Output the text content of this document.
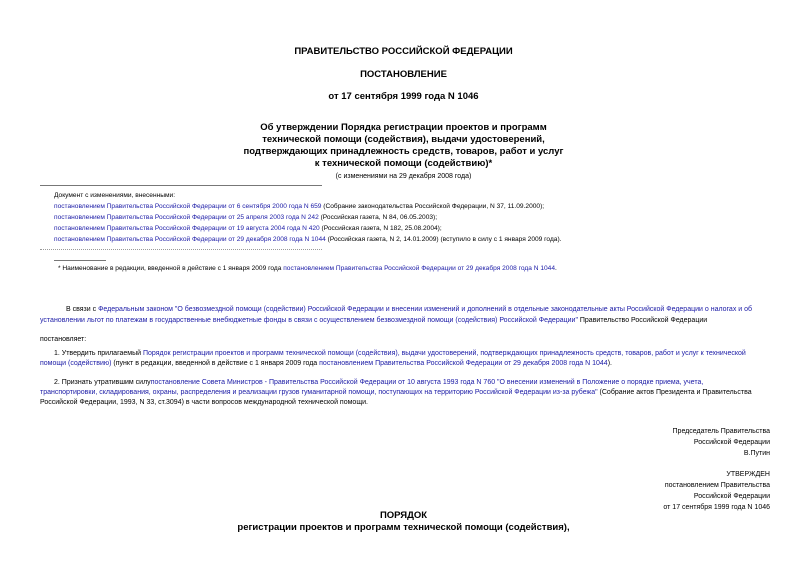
ПРАВИТЕЛЬСТВО РОССИЙСКОЙ ФЕДЕРАЦИИ
ПОСТАНОВЛЕНИЕ
от 17 сентября 1999 года N 1046
Об утверждении Порядка регистрации проектов и программ
технической помощи (содействия), выдачи удостоверений,
подтверждающих принадлежность средств, товаров, работ и услуг
к технической помощи (содействию)*
(с изменениями на 29 декабря 2008 года)
Документ с изменениями, внесенными:
постановлением Правительства Российской Федерации от 6 сентября 2000 года N 659 (Собрание законодательства Российской Федерации, N 37, 11.09.2000);
постановлением Правительства Российской Федерации от 25 апреля 2003 года N 242 (Российская газета, N 84, 06.05.2003);
постановлением Правительства Российской Федерации от 19 августа 2004 года N 420 (Российская газета, N 182, 25.08.2004);
постановлением Правительства Российской Федерации от 29 декабря 2008 года N 1044 (Российская газета, N 2, 14.01.2009) (вступило в силу с 1 января 2009 года).
* Наименование в редакции, введенной в действие с 1 января 2009 года постановлением Правительства Российской Федерации от 29 декабря 2008 года N 1044.
В связи с Федеральным законом "О безвозмездной помощи (содействии) Российской Федерации и внесении изменений и дополнений в отдельные законодательные акты Российской Федерации о налогах и об
установлении льгот по платежам в государственные внебюджетные фонды в связи с осуществлением безвозмездной помощи (содействия) Российской Федерации" Правительство Российской Федерации
постановляет:
1. Утвердить прилагаемый Порядок регистрации проектов и программ технической помощи (содействия), выдачи удостоверений, подтверждающих принадлежность средств, товаров, работ и услуг к технической
помощи (содействию) (пункт в редакции, введенной в действие с 1 января 2009 года постановлением Правительства Российской Федерации от 29 декабря 2008 года N 1044).
2. Признать утратившим силупостановление Совета Министров - Правительства Российской Федерации от 10 августа 1993 года N 760 "О внесении изменений в Положение о порядке приема, учета,
транспортировки, складирования, охраны, распределения и реализации грузов гуманитарной помощи, поступающих на территорию Российской Федерации из-за рубежа" (Собрание актов Президента и Правительства
Российской Федерации, 1993, N 33, ст.3094) в части вопросов международной технической помощи.
Председатель Правительства
Российской Федерации
В.Путин
УТВЕРЖДЕН
постановлением Правительства
Российской Федерации
от 17 сентября 1999 года N 1046
ПОРЯДОК
регистрации проектов и программ технической помощи (содействия),
